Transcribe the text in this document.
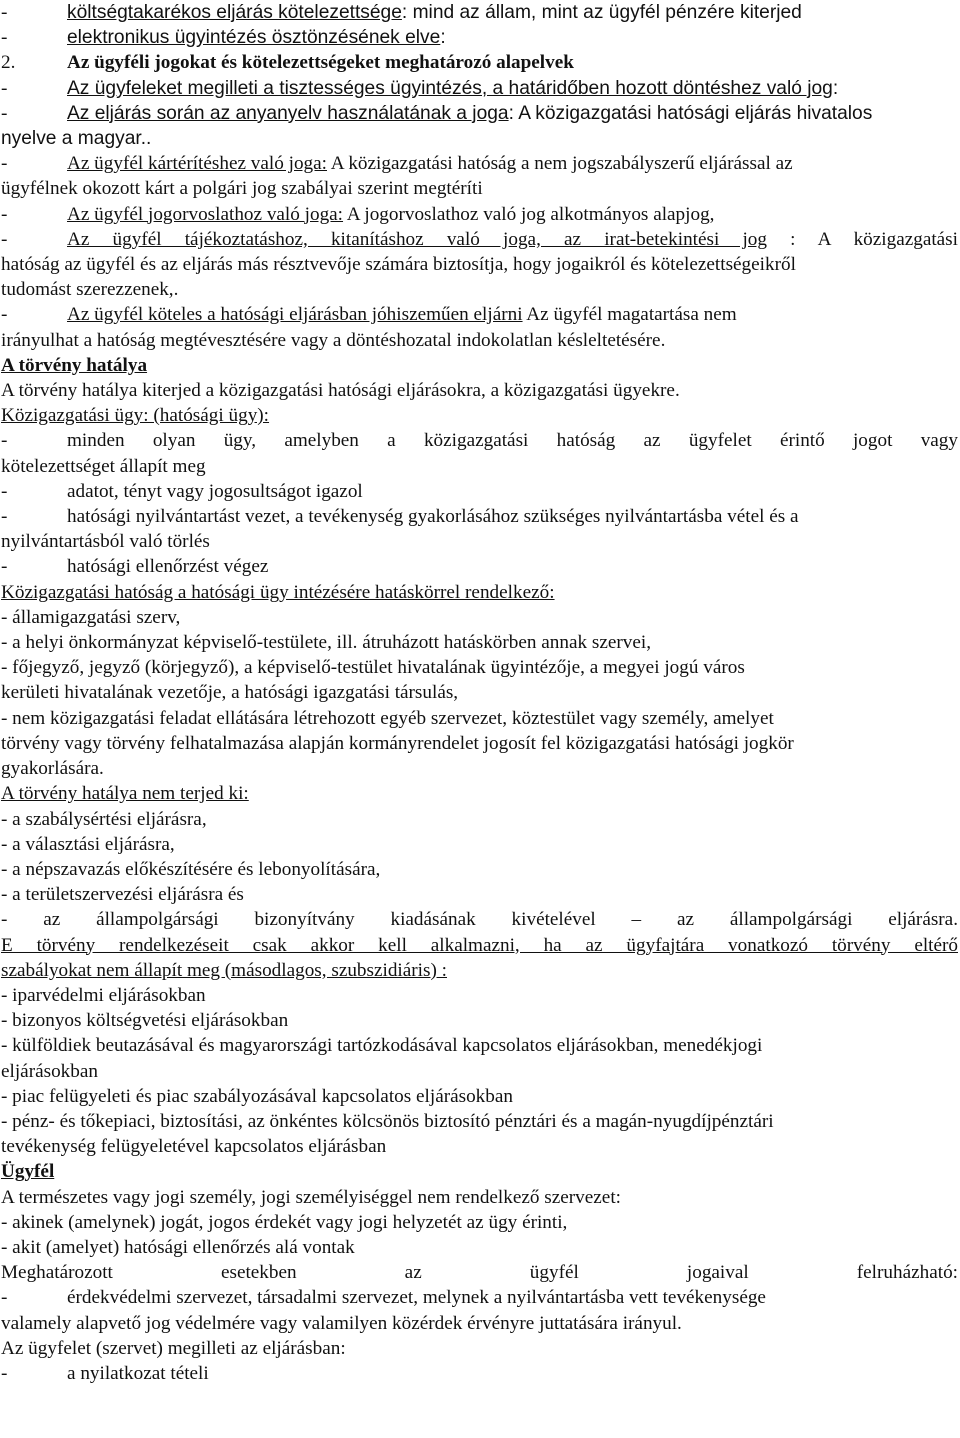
-	költségtakarékos eljárás kötelezettsége: mind az állam, mint az ügyfél pénzére kiterjed
-	elektronikus ügyintézés ösztönzésének elve:
2.	Az ügyféli jogokat és kötelezettségeket meghatározó alapelvek
-	Az ügyfeleket megilleti a tisztességes ügyintézés, a határidőben hozott döntéshez való jog:
-	Az eljárás során az anyanyelv használatának a joga: A közigazgatási hatósági eljárás hivatalos
nyelve a magyar..
-	Az ügyfél kártérítéshez való joga: A közigazgatási hatóság a nem jogszabályszerű eljárással az
ügyfélnek okozott kárt a polgári jog szabályai szerint megtéríti
-	Az ügyfél jogorvoslathoz való joga: A jogorvoslathoz való jog alkotmányos alapjog,
-	Az ügyfél tájékoztatáshoz, kitanításhoz való joga, az irat-betekintési jog : A közigazgatási
hatóság az ügyfél és az eljárás más résztvevője számára biztosítja, hogy jogaikról és kötelezettségeikről
tudomást szerezzenek,.
-	Az ügyfél köteles a hatósági eljárásban jóhiszeműen eljárni Az ügyfél magatartása nem
irányulhat a hatóság megtévesztésére vagy a döntéshozatal indokolatlan késleltetésére.
A törvény hatálya
A törvény hatálya kiterjed a közigazgatási hatósági eljárásokra, a közigazgatási ügyekre.
Közigazgatási ügy: (hatósági ügy):
-	minden olyan ügy, amelyben a közigazgatási hatóság az ügyfelet érintő jogot vagy
kötelezettséget állapít meg
-	adatot, tényt vagy jogosultságot igazol
-	hatósági nyilvántartást vezet, a tevékenység gyakorlásához szükséges nyilvántartásba vétel és a
nyilvántartásból való törlés
-	hatósági ellenőrzést végez
Közigazgatási hatóság a hatósági ügy intézésére hatáskörrel rendelkező:
- államigazgatási szerv,
- a helyi önkormányzat képviselő-testülete, ill. átruházott hatáskörben annak szervei,
- főjegyző, jegyző (körjegyző), a képviselő-testület hivatalának ügyintézője, a megyei jogú város
kerületi hivatalának vezetője, a hatósági igazgatási társulás,
- nem közigazgatási feladat ellátására létrehozott egyéb szervezet, köztestület vagy személy, amelyet
törvény vagy törvény felhatalmazása alapján kormányrendelet jogosít fel közigazgatási hatósági jogkör
gyakorlására.
A törvény hatálya nem terjed ki:
- a szabálysértési eljárásra,
- a választási eljárásra,
- a népszavazás előkészítésére és lebonyolítására,
- a területszervezési eljárásra és
- az állampolgársági bizonyítvány kiadásának kivételével – az állampolgársági eljárásra.
E törvény rendelkezéseit csak akkor kell alkalmazni, ha az ügyfajtára vonatkozó törvény eltérő
szabályokat nem állapít meg (másodlagos, szubszidiáris) :
- iparvédelmi eljárásokban
- bizonyos költségvetési eljárásokban
- külföldiek beutazásával és magyarországi tartózkodásával kapcsolatos eljárásokban, menedékjogi
eljárásokban
- piac felügyeleti és piac szabályozásával kapcsolatos eljárásokban
- pénz- és tőkepiaci, biztosítási, az önkéntes kölcsönös biztosító pénztári és a magán-nyugdíjpénztári
tevékenység felügyeletével kapcsolatos eljárásban
Ügyfél
A természetes vagy jogi személy, jogi személyiséggel nem rendelkező szervezet:
- akinek (amelynek) jogát, jogos érdekét vagy jogi helyzetét az ügy érinti,
- akit (amelyet) hatósági ellenőrzés alá vontak
Meghatározott esetekben az ügyfél jogaival felruházható:
-	érdekvédelmi szervezet, társadalmi szervezet, melynek a nyilvántartásba vett tevékenysége
valamely alapvető jog védelmére vagy valamilyen közérdek érvényre juttatására irányul.
Az ügyfelet (szervet) megilleti az eljárásban:
-	a nyilatkozat tételi
